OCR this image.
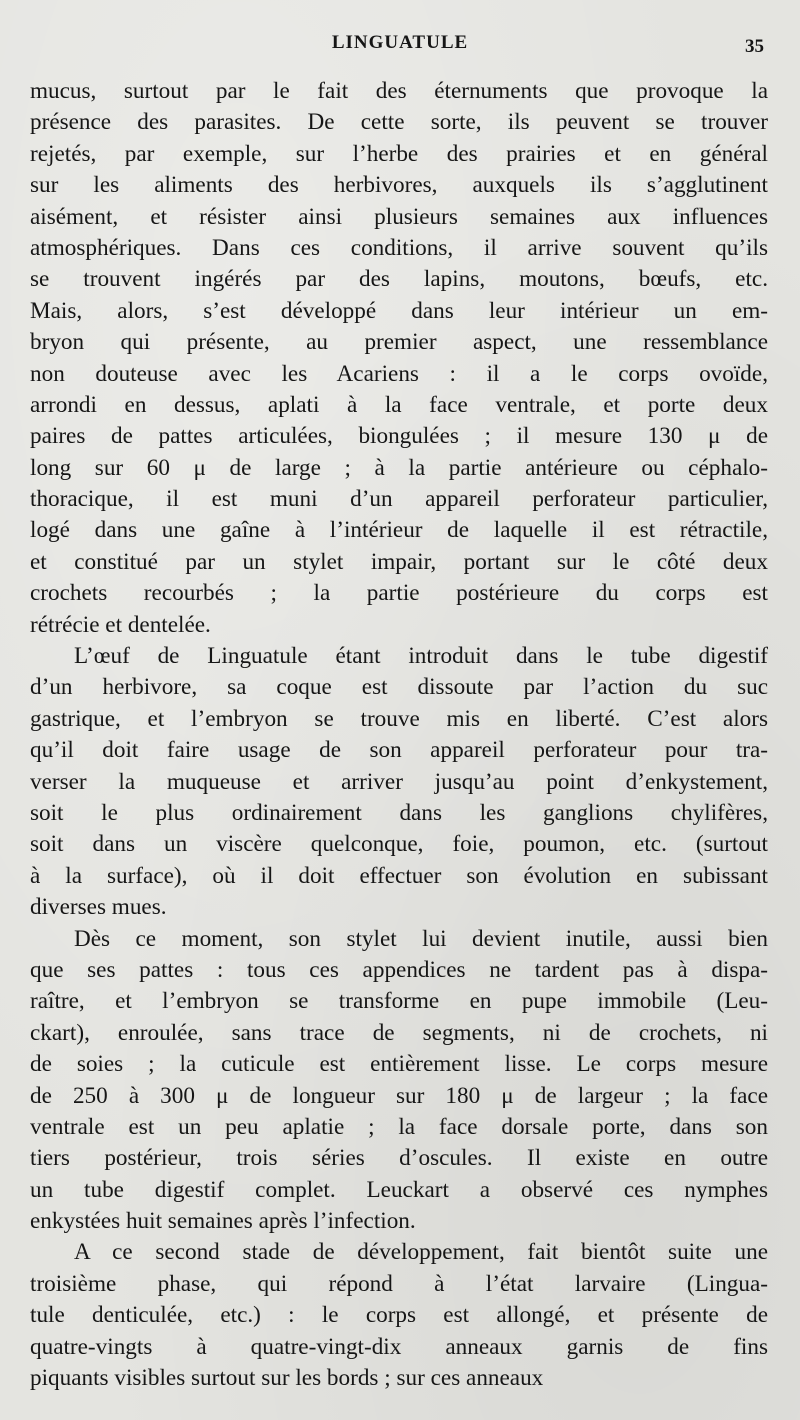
LINGUATULE	35
mucus, surtout par le fait des éternuments que provoque la
présence des parasites. De cette sorte, ils peuvent se trouver
rejetés, par exemple, sur l’herbe des prairies et en général
sur les aliments des herbivores, auxquels ils s’agglutinent
aisément, et résister ainsi plusieurs semaines aux influences
atmosphériques. Dans ces conditions, il arrive souvent qu’ils
se trouvent ingérés par des lapins, moutons, bœufs, etc.
Mais, alors, s’est développé dans leur intérieur un em-
bryon qui présente, au premier aspect, une ressemblance
non douteuse avec les Acariens : il a le corps ovoïde,
arrondi en dessus, aplati à la face ventrale, et porte deux
paires de pattes articulées, biongulées ; il mesure 130 μ de
long sur 60 μ de large ; à la partie antérieure ou céphalo-
thoracique, il est muni d’un appareil perforateur particulier,
logé dans une gaîne à l’intérieur de laquelle il est rétractile,
et constitué par un stylet impair, portant sur le côté deux
crochets recourbés ; la partie postérieure du corps est
rétrécie et dentelée.
L’œuf de Linguatule étant introduit dans le tube digestif
d’un herbivore, sa coque est dissoute par l’action du suc
gastrique, et l’embryon se trouve mis en liberté. C’est alors
qu’il doit faire usage de son appareil perforateur pour tra-
verser la muqueuse et arriver jusqu’au point d’enkystement,
soit le plus ordinairement dans les ganglions chylifères,
soit dans un viscère quelconque, foie, poumon, etc. (surtout
à la surface), où il doit effectuer son évolution en subissant
diverses mues.
Dès ce moment, son stylet lui devient inutile, aussi bien
que ses pattes : tous ces appendices ne tardent pas à dispa-
raître, et l’embryon se transforme en pupe immobile (Leu-
ckart), enroulée, sans trace de segments, ni de crochets, ni
de soies ; la cuticule est entièrement lisse. Le corps mesure
de 250 à 300 μ de longueur sur 180 μ de largeur ; la face
ventrale est un peu aplatie ; la face dorsale porte, dans son
tiers postérieur, trois séries d’oscules. Il existe en outre
un tube digestif complet. Leuckart a observé ces nymphes
enkystées huit semaines après l’infection.
A ce second stade de développement, fait bientôt suite une
troisième phase, qui répond à l’état larvaire (Lingua-
tule denticulée, etc.) : le corps est allongé, et présente de
quatre-vingts à quatre-vingt-dix anneaux garnis de fins
piquants visibles surtout sur les bords ; sur ces anneaux
